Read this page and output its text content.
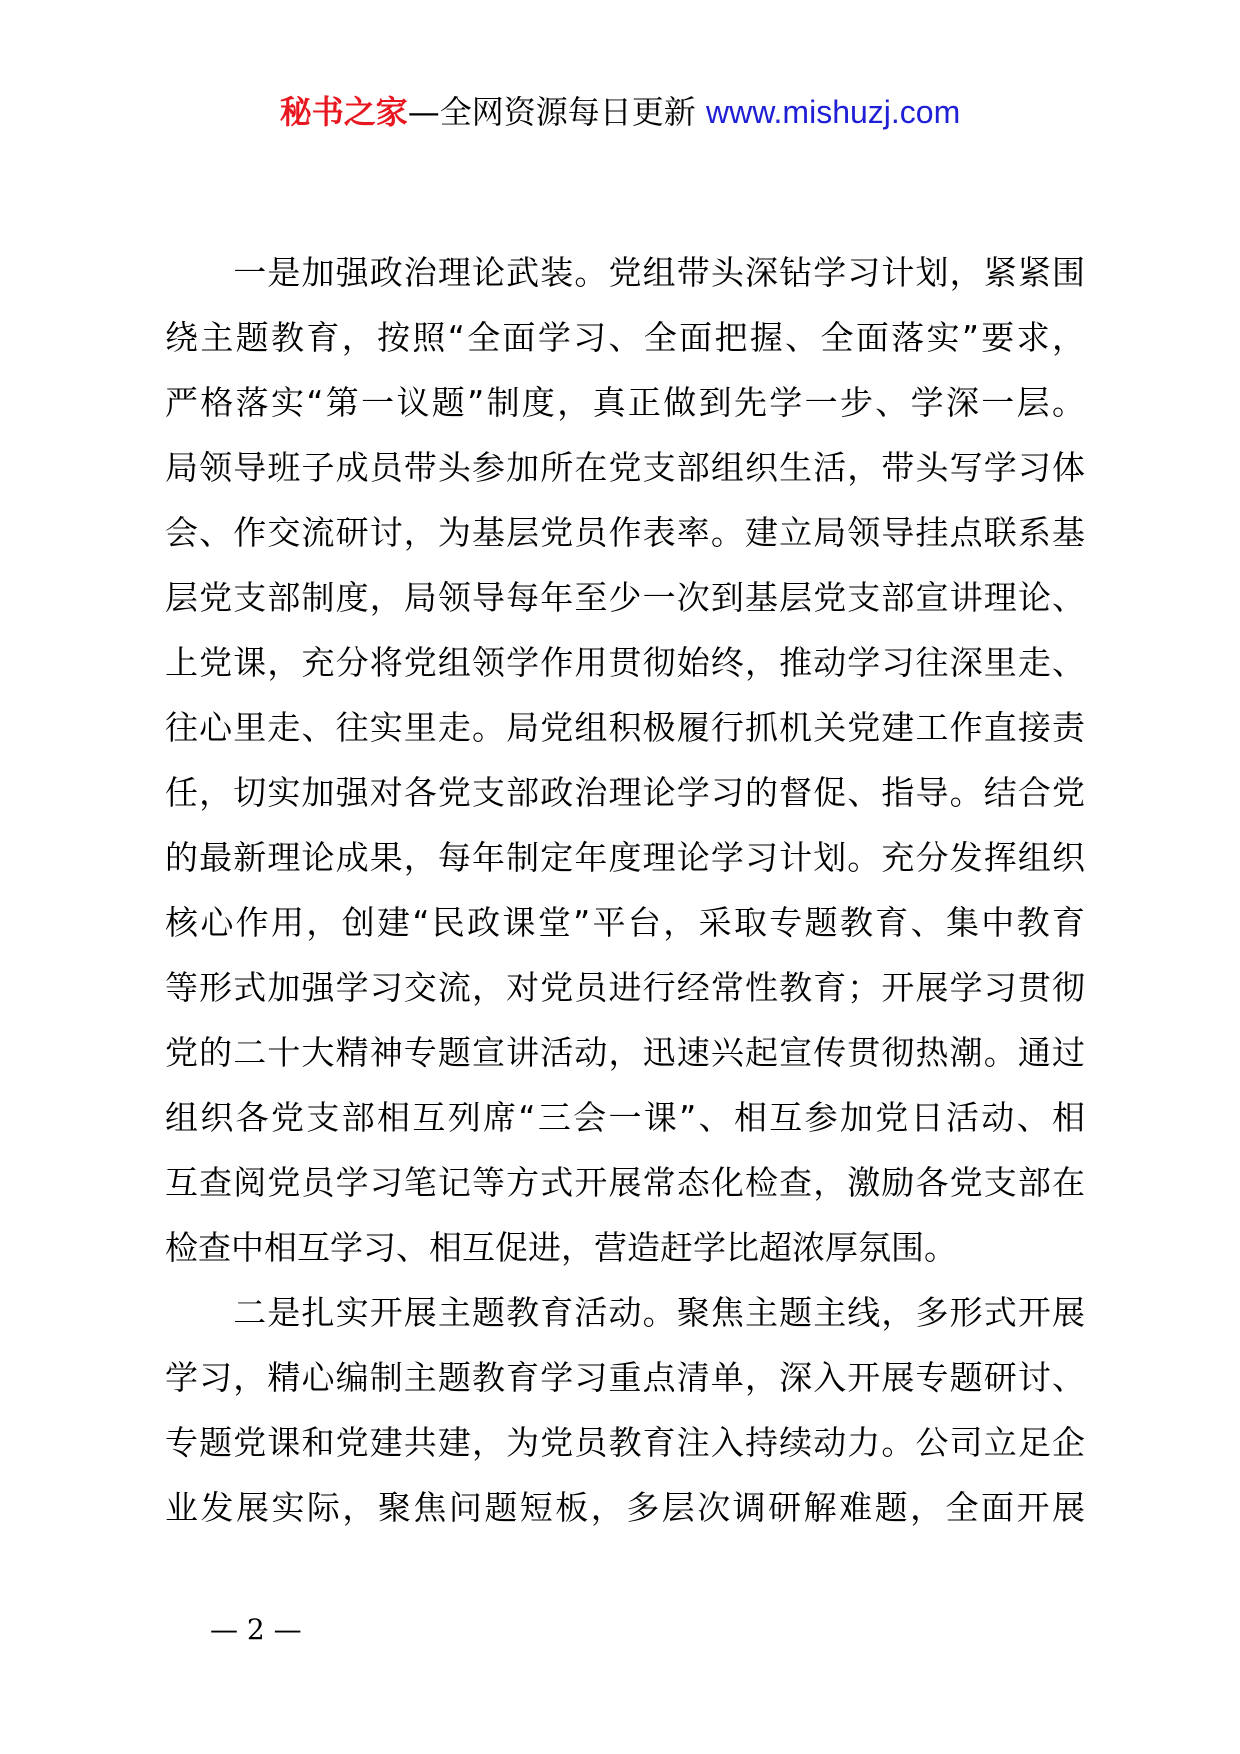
秘书之家—全网资源每日更新 www.mishuzj.com
　　一是加强政治理论武装。党组带头深钻学习计划，紧紧围
绕主题教育，按照“全面学习、全面把握、全面落实”要求，
严格落实“第一议题”制度，真正做到先学一步、学深一层。
局领导班子成员带头参加所在党支部组织生活，带头写学习体
会、作交流研讨，为基层党员作表率。建立局领导挂点联系基
层党支部制度，局领导每年至少一次到基层党支部宣讲理论、
上党课，充分将党组领学作用贯彻始终，推动学习往深里走、
往心里走、往实里走。局党组积极履行抓机关党建工作直接责
任，切实加强对各党支部政治理论学习的督促、指导。结合党
的最新理论成果，每年制定年度理论学习计划。充分发挥组织
核心作用，创建“民政课堂”平台，采取专题教育、集中教育
等形式加强学习交流，对党员进行经常性教育；开展学习贯彻
党的二十大精神专题宣讲活动，迅速兴起宣传贯彻热潮。通过
组织各党支部相互列席“三会一课”、相互参加党日活动、相
互查阅党员学习笔记等方式开展常态化检查，激励各党支部在
检查中相互学习、相互促进，营造赶学比超浓厚氛围。
　　二是扎实开展主题教育活动。聚焦主题主线，多形式开展
学习，精心编制主题教育学习重点清单，深入开展专题研讨、
专题党课和党建共建，为党员教育注入持续动力。公司立足企
业发展实际，聚焦问题短板，多层次调研解难题，全面开展
— 2 —
